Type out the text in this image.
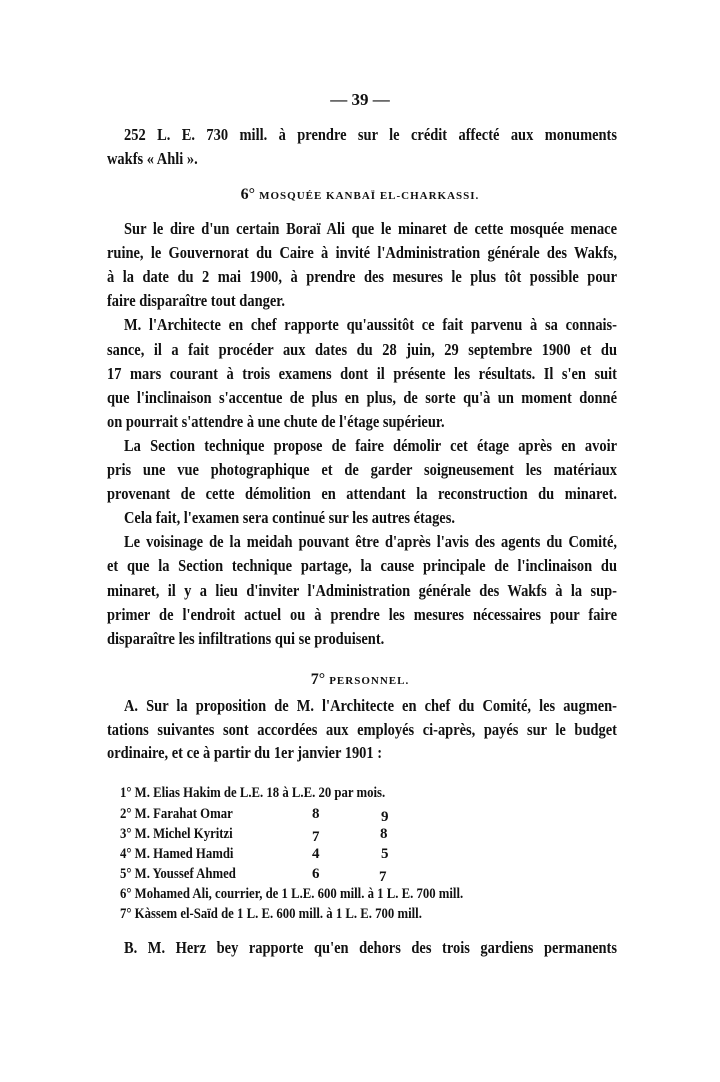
— 39 —
252 L. E. 730 mill. à prendre sur le crédit affecté aux monuments
wakfs « Ahli ».
6° MOSQUÉE KANBAÏ EL-CHARKASSI.
Sur le dire d'un certain Boraï Ali que le minaret de cette mosquée menace
ruine, le Gouvernorat du Caire à invité l'Administration générale des Wakfs,
à la date du 2 mai 1900, à prendre des mesures le plus tôt possible pour
faire disparaître tout danger.
M. l'Architecte en chef rapporte qu'aussitôt ce fait parvenu à sa connais-
sance, il a fait procéder aux dates du 28 juin, 29 septembre 1900 et du
17 mars courant à trois examens dont il présente les résultats. Il s'en suit
que l'inclinaison s'accentue de plus en plus, de sorte qu'à un moment donné
on pourrait s'attendre à une chute de l'étage supérieur.
La Section technique propose de faire démolir cet étage après en avoir
pris une vue photographique et de garder soigneusement les matériaux
provenant de cette démolition en attendant la reconstruction du minaret.
Cela fait, l'examen sera continué sur les autres étages.
Le voisinage de la meidah pouvant être d'après l'avis des agents du Comité,
et que la Section technique partage, la cause principale de l'inclinaison du
minaret, il y a lieu d'inviter l'Administration générale des Wakfs à la sup-
primer de l'endroit actuel ou à prendre les mesures nécessaires pour faire
disparaître les infiltrations qui se produisent.
7° PERSONNEL.
A. Sur la proposition de M. l'Architecte en chef du Comité, les augmen-
tations suivantes sont accordées aux employés ci-après, payés sur le budget
ordinaire, et ce à partir du 1er janvier 1901 :
1° M. Elias Hakim de L.E. 18 à L.E. 20 par mois.
2° M. Farahat Omar	8	9
3° M. Michel Kyritzi	7	8
4° M. Hamed Hamdi	4	5
5° M. Youssef Ahmed	6	7
6° Mohamed Ali, courrier, de 1 L.E. 600 mill. à 1 L. E. 700 mill.
7° Kàssem el-Saïd de 1 L. E. 600 mill. à 1 L. E. 700 mill.
B. M. Herz bey rapporte qu'en dehors des trois gardiens permanents
